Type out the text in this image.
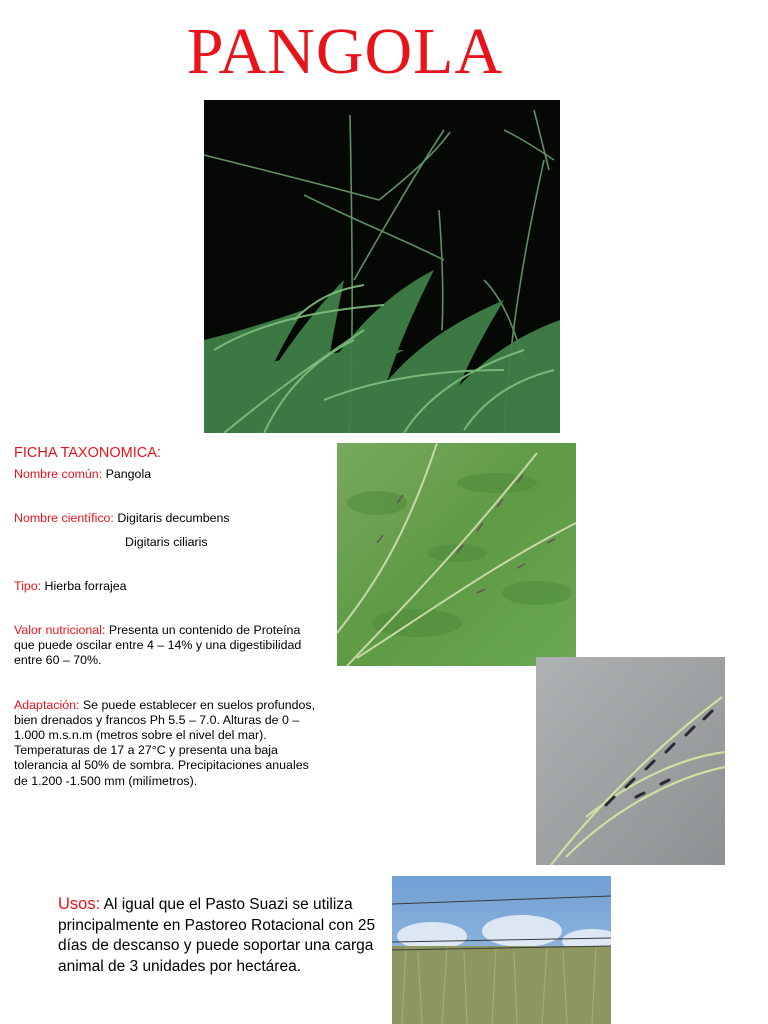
PANGOLA
FICHA TAXONOMICA:

Nombre común: Pangola

Nombre científico: Digitaris decumbens

Digitaris ciliaris

Tipo: Hierba forrajea

Valor nutricional: Presenta un contenido de Proteína que puede oscilar entre 4 – 14% y una digestibilidad entre 60 – 70%.

Adaptación: Se puede establecer en suelos profundos, bien drenados y francos Ph 5.5 – 7.0. Alturas de 0 – 1.000 m.s.n.m (metros sobre el nivel del mar). Temperaturas de 17 a 27°C y presenta una baja tolerancia al 50% de sombra. Precipitaciones anuales de 1.200 -1.500 mm (milímetros).

Usos: Al igual que el Pasto Suazi se utiliza principalmente en Pastoreo Rotacional con 25 días de descanso y puede soportar una carga animal de 3 unidades por hectárea.
